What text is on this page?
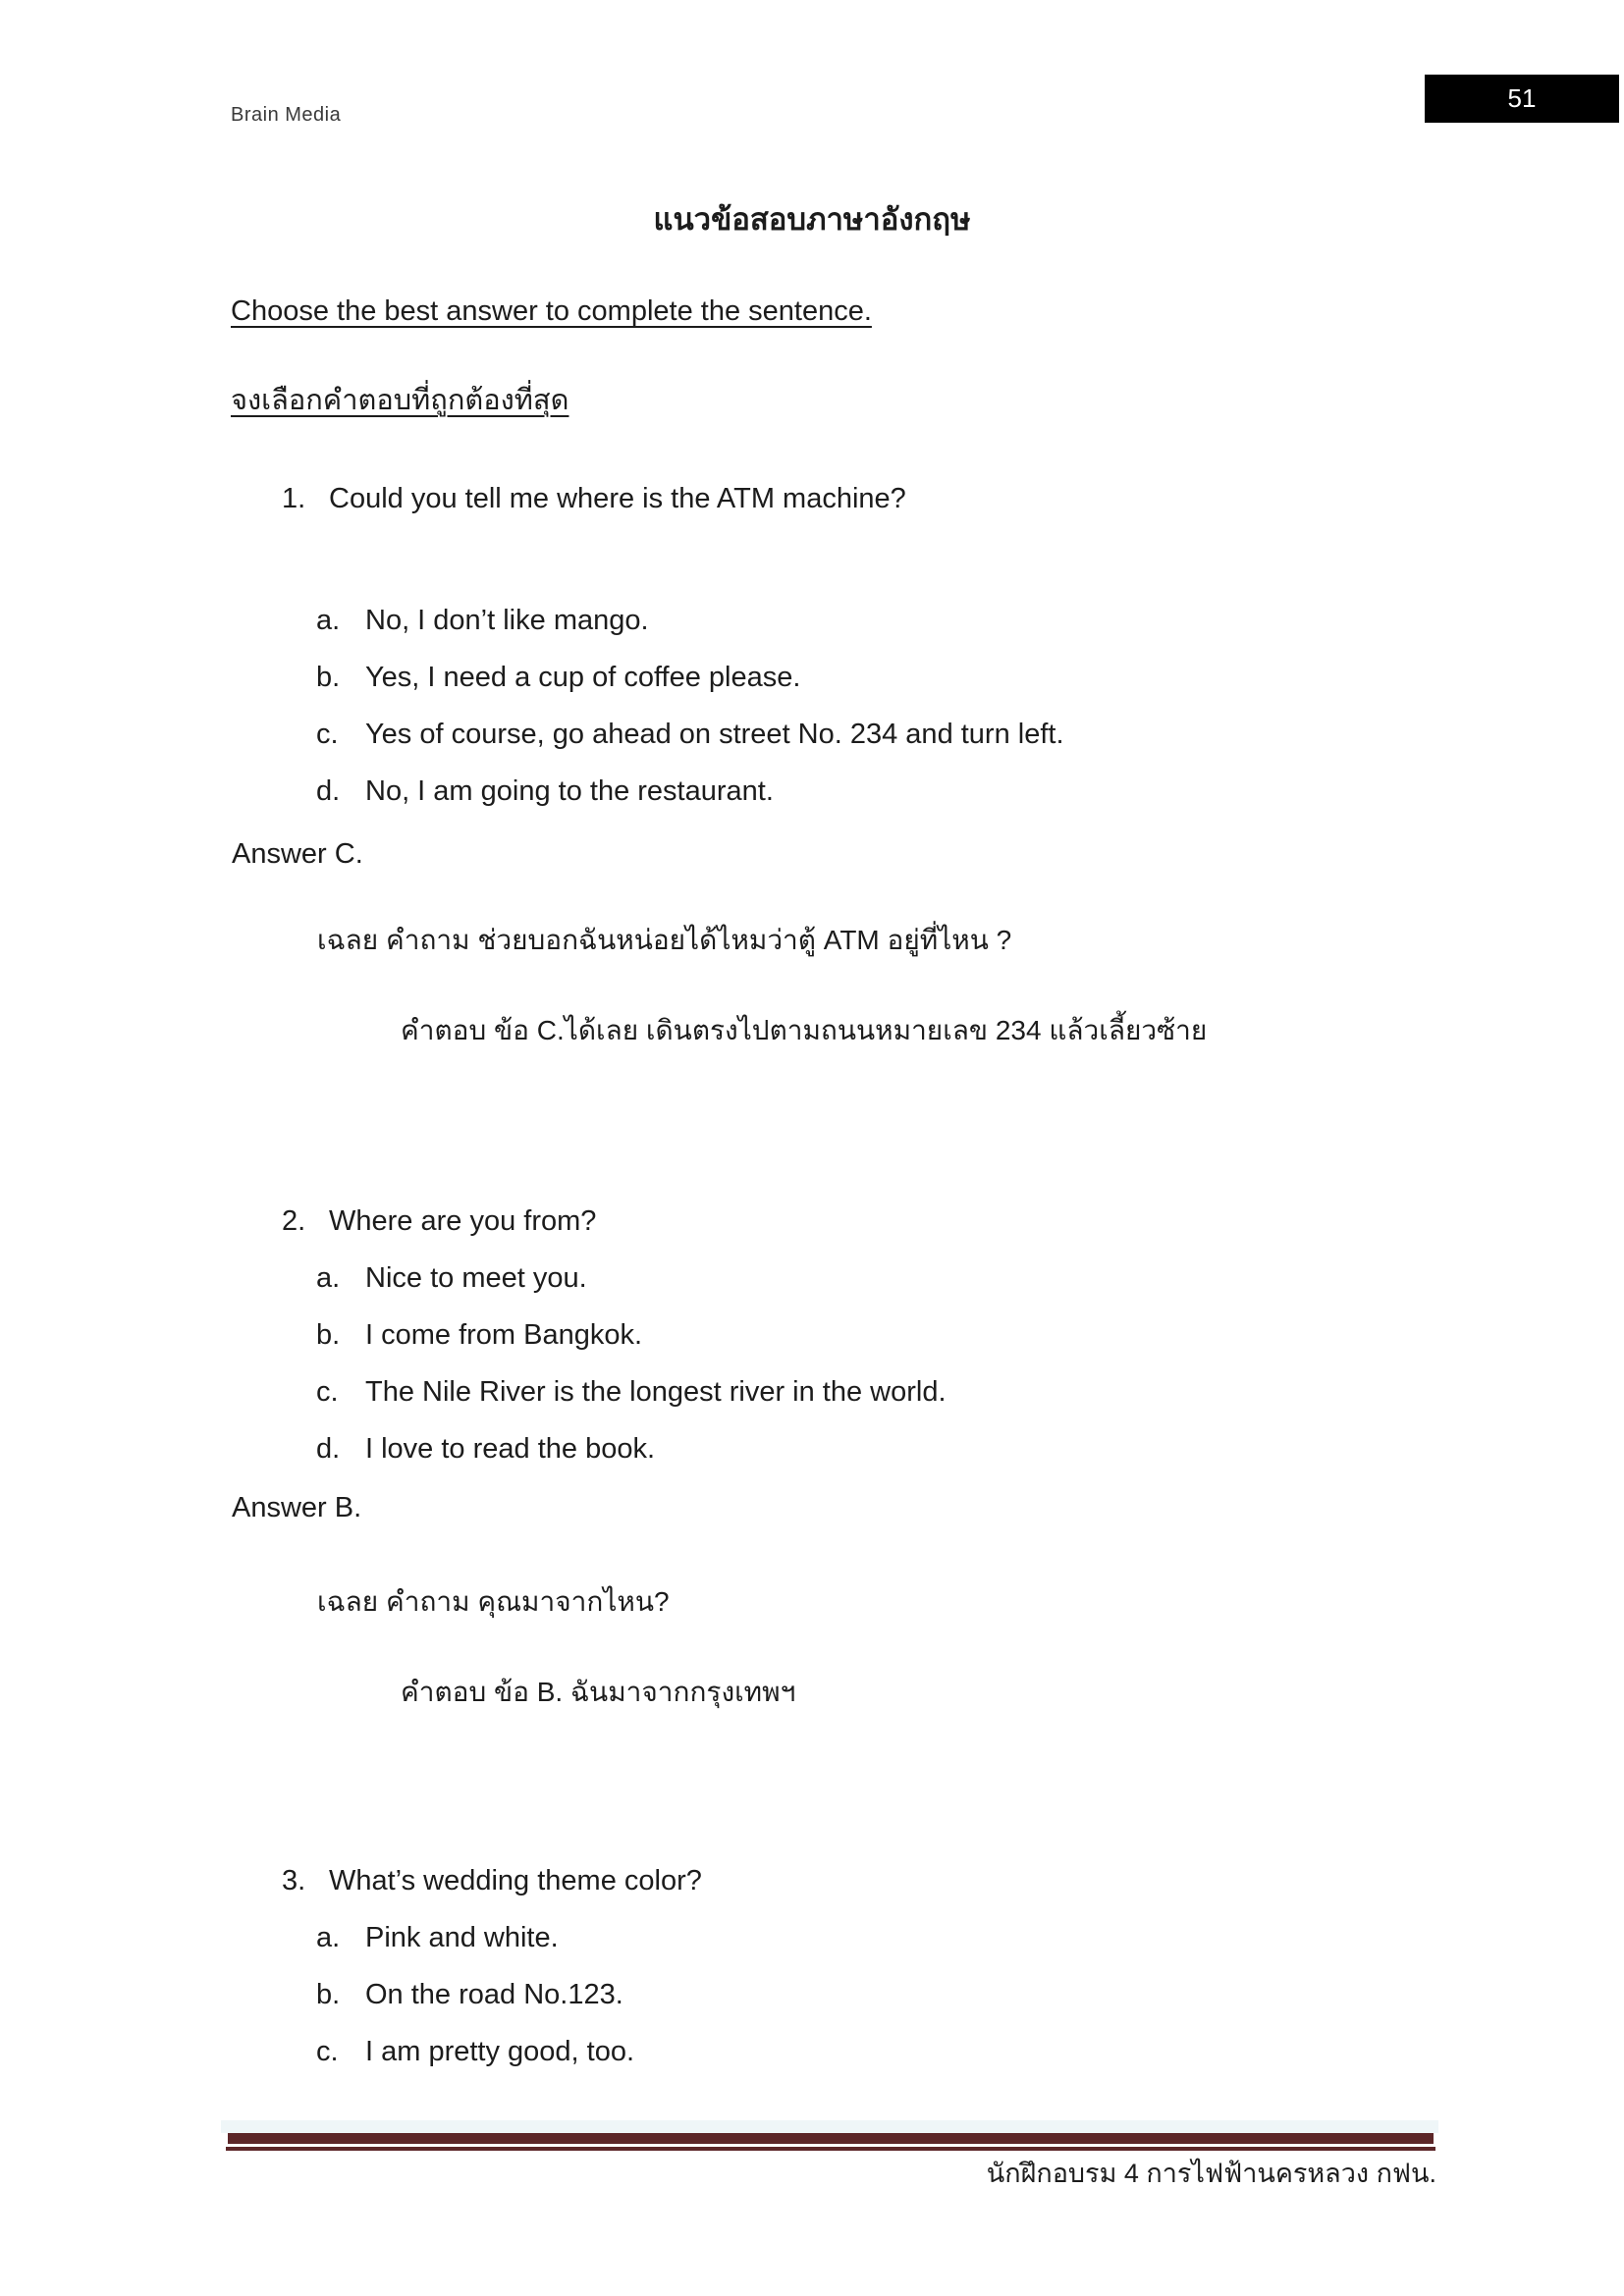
Brain Media
51
แนวข้อสอบภาษาอังกฤษ
Choose the best answer to complete the sentence.
จงเลือกคำตอบที่ถูกต้องที่สุด
1. Could you tell me where is the ATM machine?
a. No, I don’t like mango.
b. Yes, I need a cup of coffee please.
c. Yes of course, go ahead on street No. 234 and turn left.
d. No, I am going to the restaurant.
Answer C.
เฉลย คำถาม ช่วยบอกฉันหน่อยได้ไหมว่าตู้ ATM อยู่ที่ไหน ?
คำตอบ ข้อ C.ได้เลย เดินตรงไปตามถนนหมายเลข 234 แล้วเลี้ยวซ้าย
2. Where are you from?
a. Nice to meet you.
b. I come from Bangkok.
c. The Nile River is the longest river in the world.
d. I love to read the book.
Answer B.
เฉลย คำถาม คุณมาจากไหน?
คำตอบ ข้อ B. ฉันมาจากกรุงเทพฯ
3. What’s wedding theme color?
a. Pink and white.
b. On the road No.123.
c. I am pretty good, too.
นักฝึกอบรม 4 การไฟฟ้านครหลวง กฟน.
